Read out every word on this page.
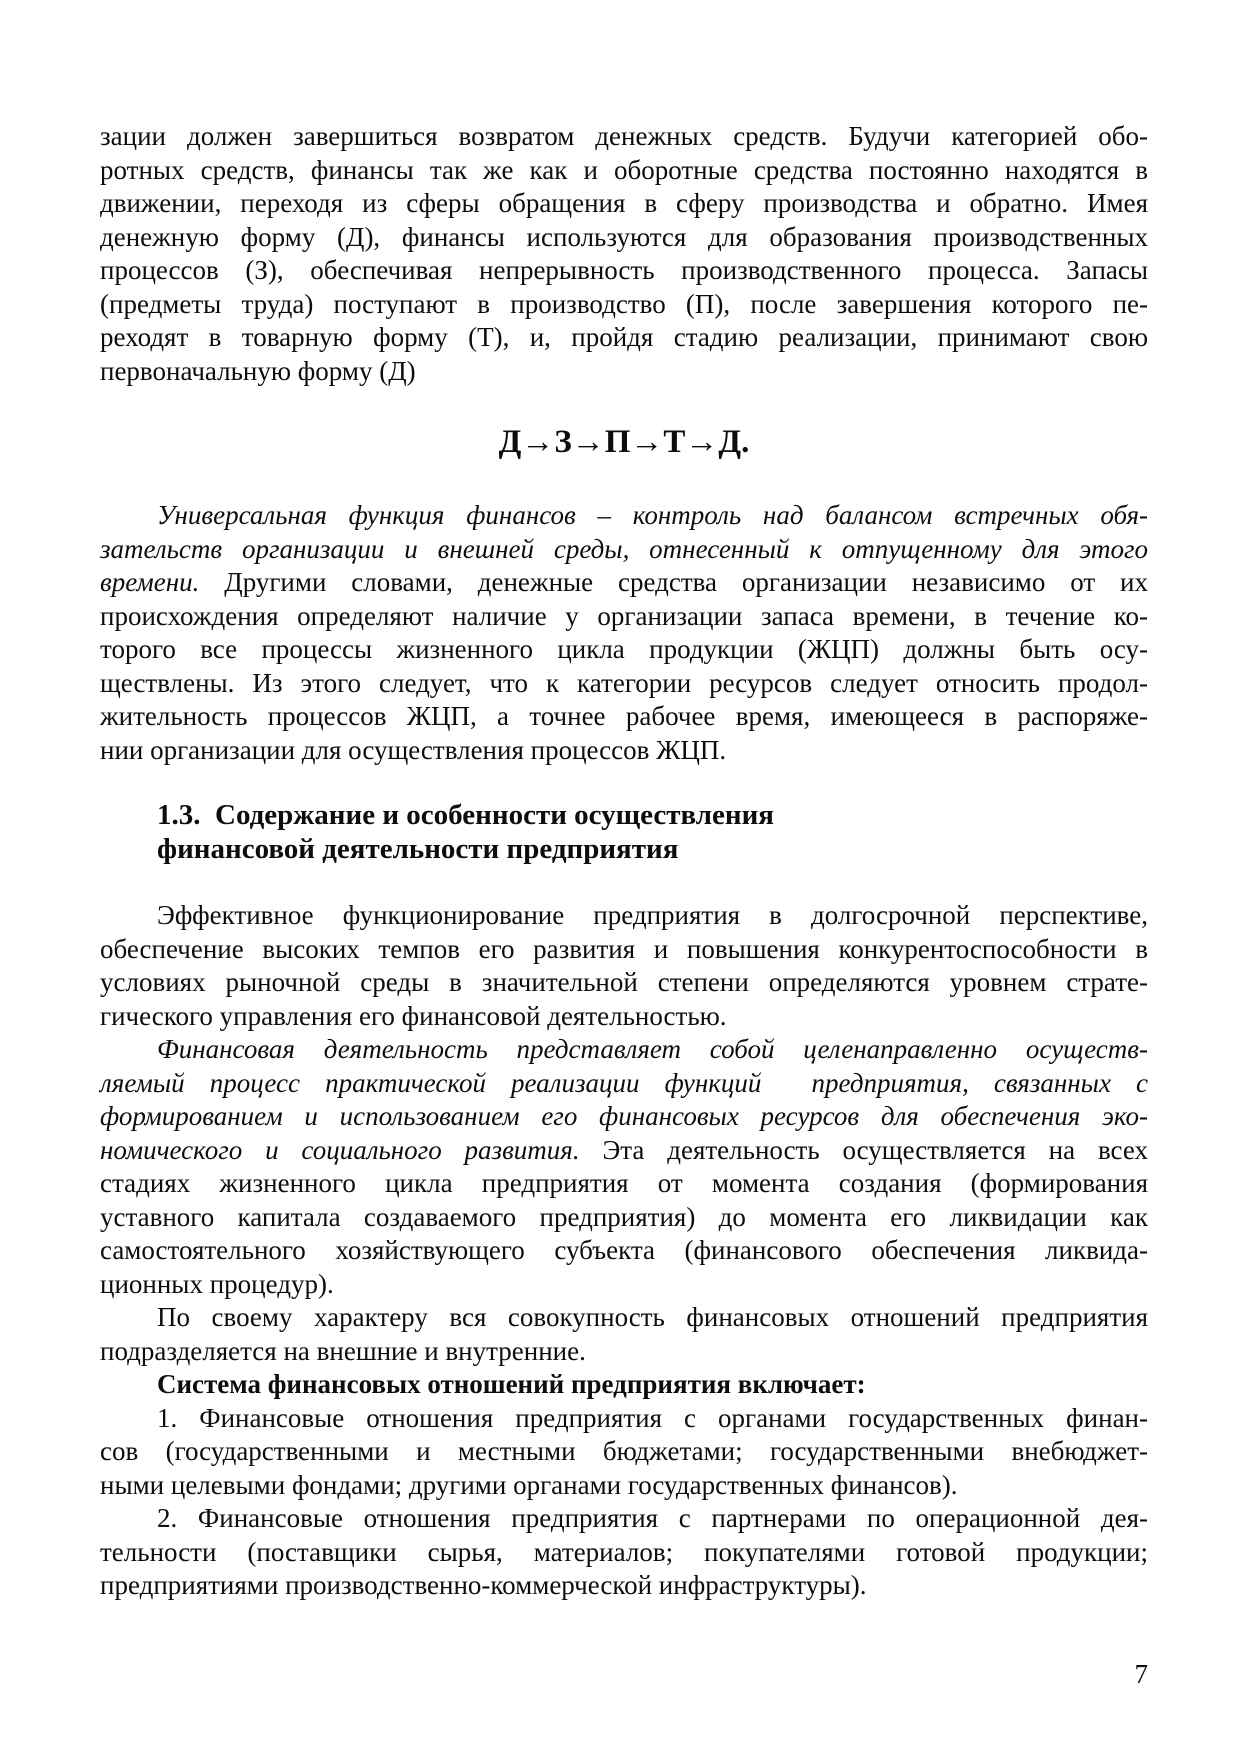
зации должен завершиться возвратом денежных средств. Будучи категорией обо-
ротных средств, финансы так же как и оборотные средства постоянно находятся в
движении, переходя из сферы обращения в сферу производства и обратно. Имея
денежную форму (Д), финансы используются для образования производственных
процессов (З), обеспечивая непрерывность производственного процесса. Запасы
(предметы труда) поступают в производство (П), после завершения которого пе-
реходят в товарную форму (Т), и, пройдя стадию реализации, принимают свою
первоначальную форму (Д)
Д→З→П→Т→Д.
Универсальная функция финансов – контроль над балансом встречных обя-
зательств организации и внешней среды, отнесенный к отпущенному для этого
времени. Другими словами, денежные средства организации независимо от их
происхождения определяют наличие у организации запаса времени, в течение ко-
торого все процессы жизненного цикла продукции (ЖЦП) должны быть осу-
ществлены. Из этого следует, что к категории ресурсов следует относить продол-
жительность процессов ЖЦП, а точнее рабочее время, имеющееся в распоряже-
нии организации для осуществления процессов ЖЦП.
1.3.  Содержание и особенности осуществления
финансовой деятельности предприятия
Эффективное функционирование предприятия в долгосрочной перспективе,
обеспечение высоких темпов его развития и повышения конкурентоспособности в
условиях рыночной среды в значительной степени определяются уровнем страте-
гического управления его финансовой деятельностью.
Финансовая деятельность представляет собой целенаправленно осуществ-
ляемый процесс практической реализации функций  предприятия, связанных с
формированием и использованием его финансовых ресурсов для обеспечения эко-
номического и социального развития. Эта деятельность осуществляется на всех
стадиях жизненного цикла предприятия от момента создания (формирования
уставного капитала создаваемого предприятия) до момента его ликвидации как
самостоятельного хозяйствующего субъекта (финансового обеспечения ликвида-
ционных процедур).
По своему характеру вся совокупность финансовых отношений предприятия
подразделяется на внешние и внутренние.
Система финансовых отношений предприятия включает:
1. Финансовые отношения предприятия с органами государственных финан-
сов (государственными и местными бюджетами; государственными внебюджет-
ными целевыми фондами; другими органами государственных финансов).
2. Финансовые отношения предприятия с партнерами по операционной дея-
тельности (поставщики сырья, материалов; покупателями готовой продукции;
предприятиями производственно-коммерческой инфраструктуры).
7
